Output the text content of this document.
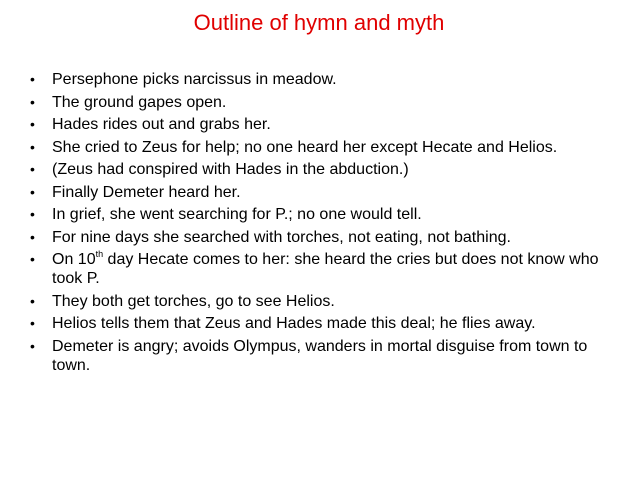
Outline of hymn and myth
• Persephone picks narcissus in meadow.
• The ground gapes open.
• Hades rides out and grabs her.
• She cried to Zeus for help; no one heard her except Hecate and Helios.
• (Zeus had conspired with Hades in the abduction.)
• Finally Demeter heard her.
• In grief, she went searching for P.; no one would tell.
• For nine days she searched with torches, not eating, not bathing.
• On 10th day Hecate comes to her: she heard the cries but does not know who took P.
• They both get torches, go to see Helios.
• Helios tells them that Zeus and Hades made this deal; he flies away.
• Demeter is angry; avoids Olympus, wanders in mortal disguise from town to town.
